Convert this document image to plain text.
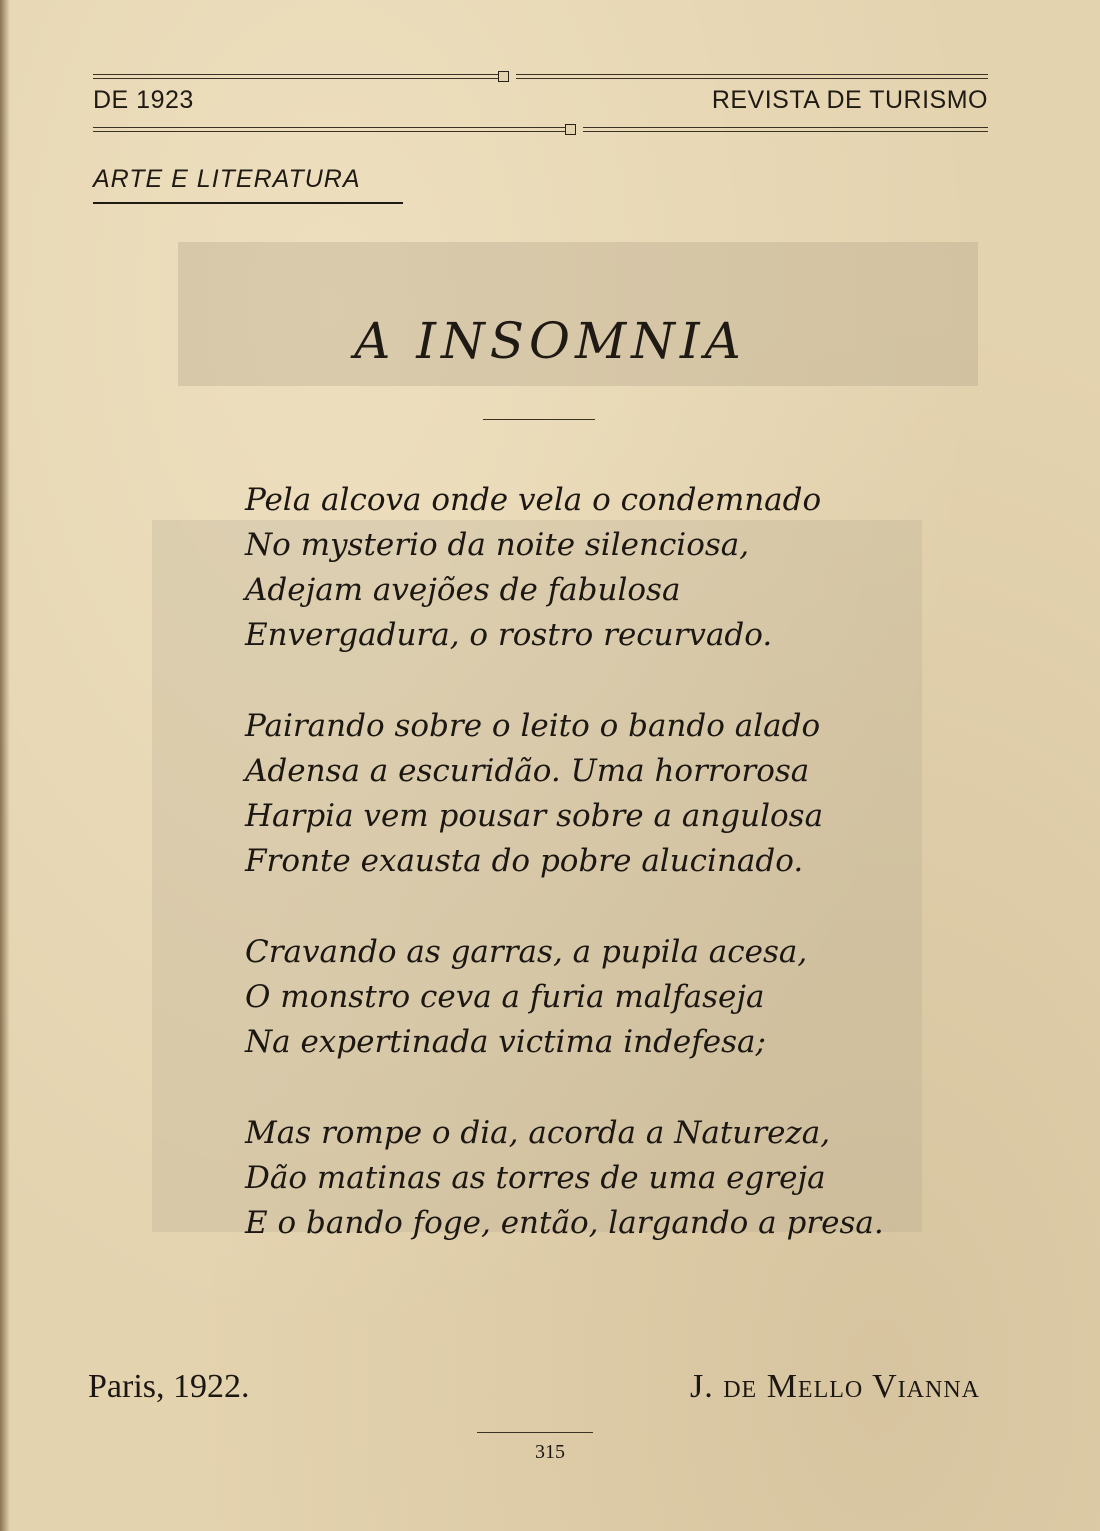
DE 1923	REVISTA DE TURISMO
ARTE E LITERATURA
A INSOMNIA
Pela alcova onde vela o condemnado
No mysterio da noite silenciosa,
Adejam avejões de fabulosa
Envergadura, o rostro recurvado.
Pairando sobre o leito o bando alado
Adensa a escuridão. Uma horrorosa
Harpia vem pousar sobre a angulosa
Fronte exausta do pobre alucinado.
Cravando as garras, a pupila acesa,
O monstro ceva a furia malfaseja
Na expertinada victima indefesa;
Mas rompe o dia, acorda a Natureza,
Dão matinas as torres de uma egreja
E o bando foge, então, largando a presa.
Paris, 1922.	J. de Mello Vianna
315
